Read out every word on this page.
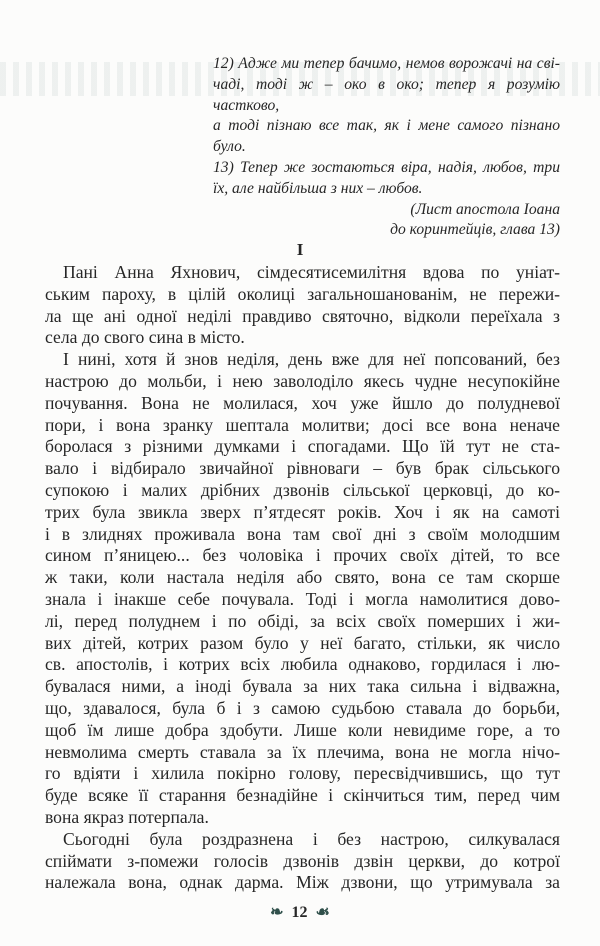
12) Адже ми тепер бачимо, немов ворожачі на сві-
чаді, тоді ж – око в око; тепер я розумію частково,
а тоді пізнаю все так, як і мене самого пізнано
було.
13) Тепер же зостаються віра, надія, любов, три
їх, але найбільша з них – любов.
(Лист апостола Іоана
до коринтейців, глава 13)
I
Пані Анна Яхнович, сімдесятисемилітня вдова по уніат-
ським пароху, в цілій околиці загальношанованім, не пережи-
ла ще ані одної неділі правдиво святочно, відколи переїхала з
села до свого сина в місто.
І нині, хотя й знов неділя, день вже для неї попсований, без
настрою до мольби, і нею заволоділо якесь чудне несупокійне
почування. Вона не молилася, хоч уже йшло до полудневої
пори, і вона зранку шептала молитви; досі все вона неначе
боролася з різними думками і спогадами. Що їй тут не ста-
вало і відбирало звичайної рівноваги – був брак сільського
супокою і малих дрібних дзвонів сільської церковці, до ко-
трих була звикла зверх п’ятдесят років. Хоч і як на самоті
і в злиднях проживала вона там свої дні з своїм молодшим
сином п’яницею... без чоловіка і прочих своїх дітей, то все
ж таки, коли настала неділя або свято, вона се там скорше
знала і інакше себе почувала. Тоді і могла намолитися дово-
лі, перед полуднем і по обіді, за всіх своїх померших і жи-
вих дітей, котрих разом було у неї багато, стільки, як число
св. апостолів, і котрих всіх любила однаково, гордилася і лю-
бувалася ними, а іноді бувала за них така сильна і відважна,
що, здавалося, була б і з самою судьбою ставала до борьби,
щоб їм лише добра здобути. Лише коли невидиме горе, а то
невмолима смерть ставала за їх плечима, вона не могла нічо-
го вдіяти і хилила покірно голову, пересвідчившись, що тут
буде всяке її старання безнадійне і скінчиться тим, перед чим
вона якраз потерпала.
Сьогодні була роздразнена і без настрою, силкувалася
спіймати з-помежи голосів дзвонів дзвін церкви, до котрої
належала вона, однак дарма. Між дзвони, що утримувала за
❧ 12 ☙
